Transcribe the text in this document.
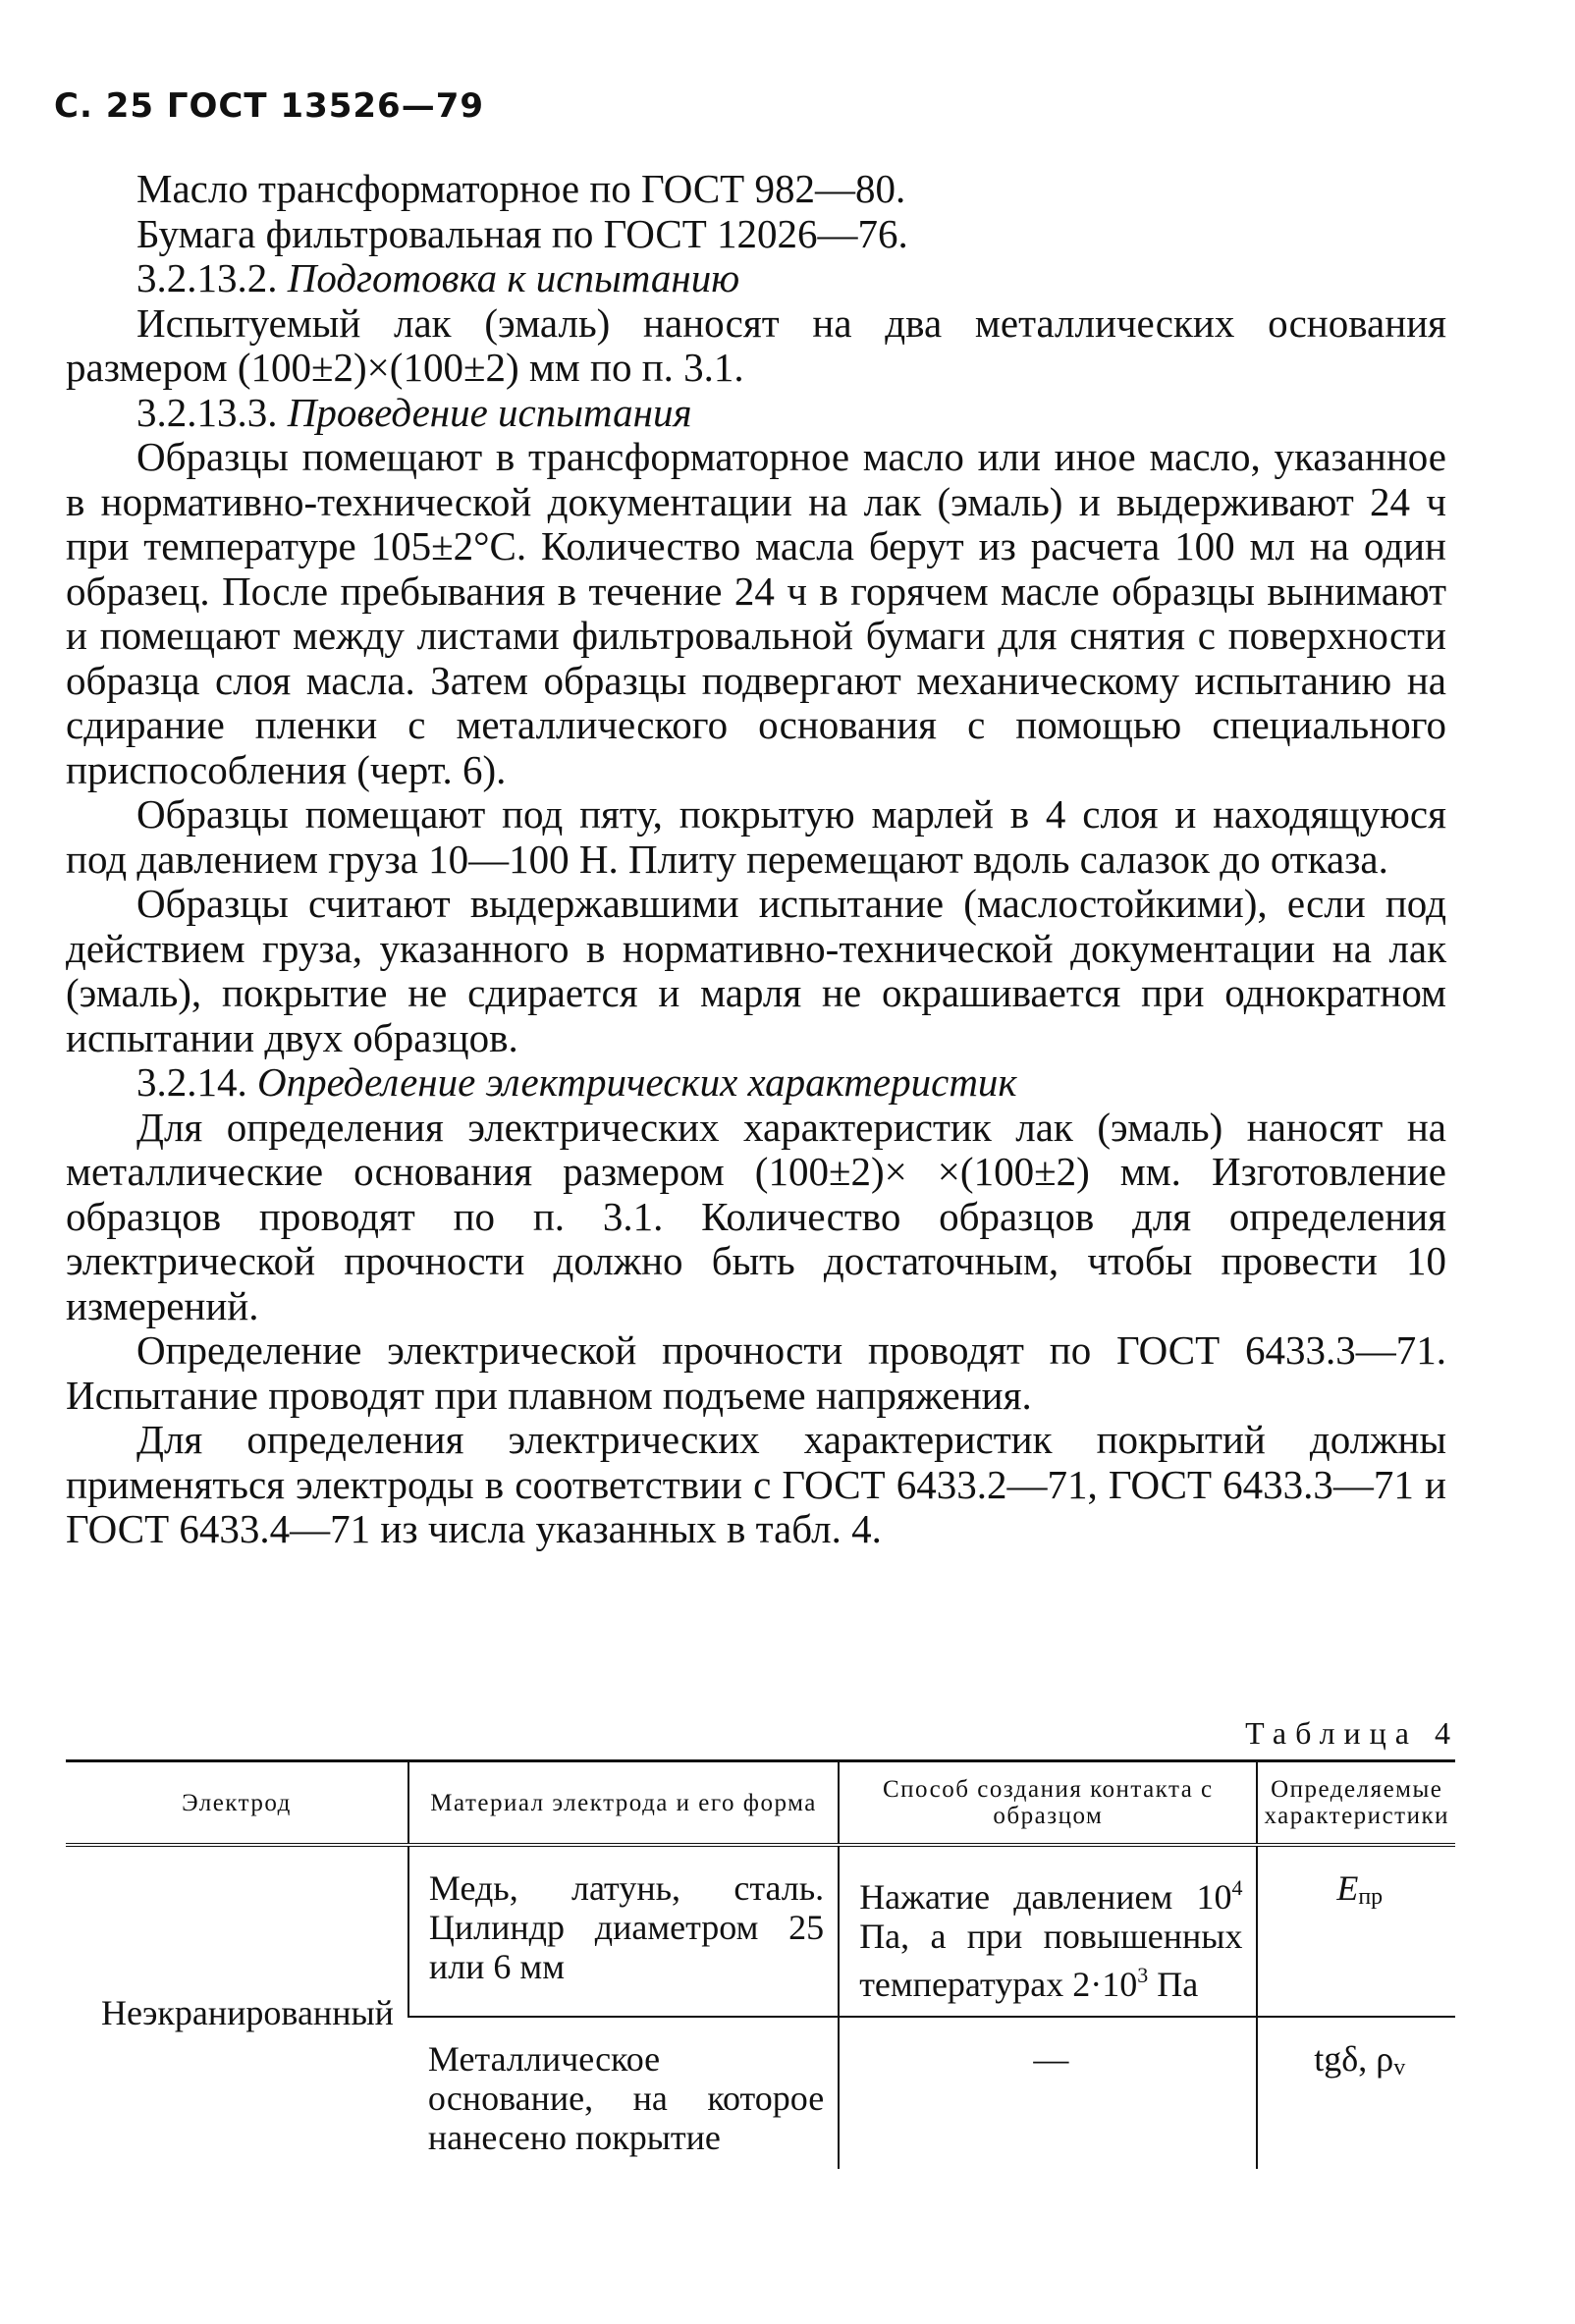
С. 25 ГОСТ 13526—79

Масло трансформаторное по ГОСТ 982—80.

Бумага фильтровальная по ГОСТ 12026—76.

3.2.13.2. Подготовка к испытанию

Испытуемый лак (эмаль) наносят на два металлических основания размером (100±2)×(100±2) мм по п. 3.1.

3.2.13.3. Проведение испытания

Образцы помещают в трансформаторное масло или иное масло, указанное в нормативно-технической документации на лак (эмаль) и выдерживают 24 ч при температуре 105±2°С. Количество масла берут из расчета 100 мл на один образец. После пребывания в течение 24 ч в горячем масле образцы вынимают и помещают между листами фильтровальной бумаги для снятия с поверхности образца слоя масла. Затем образцы подвергают механическому испытанию на сдирание пленки с металлического основания с помощью специального приспособления (черт. 6).

Образцы помещают под пяту, покрытую марлей в 4 слоя и находящуюся под давлением груза 10—100 Н. Плиту перемещают вдоль салазок до отказа.

Образцы считают выдержавшими испытание (маслостойкими), если под действием груза, указанного в нормативно-технической документации на лак (эмаль), покрытие не сдирается и марля не окрашивается при однократном испытании двух образцов.

3.2.14. Определение электрических характеристик

Для определения электрических характеристик лак (эмаль) наносят на металлические основания размером (100±2)× ×(100±2) мм. Изготовление образцов проводят по п. 3.1. Количество образцов для определения электрической прочности должно быть достаточным, чтобы провести 10 измерений.

Определение электрической прочности проводят по ГОСТ 6433.3—71. Испытание проводят при плавном подъеме напряжения.

Для определения электрических характеристик покрытий должны применяться электроды в соответствии с ГОСТ 6433.2—71, ГОСТ 6433.3—71 и ГОСТ 6433.4—71 из числа указанных в табл. 4.

Таблица 4
Электрод	Материал электрода и его форма	Способ создания контакта с образцом	Определяемые характеристики
Неэкранированный	Медь, латунь, сталь. Цилиндр диаметром 25 или 6 мм	Нажатие давлением $10^4$ Па, а при повышенных температурах $2\cdot 10^3$ Па	Eпр
	Металлическое основание, на которое нанесено покрытие	—	tgδ, ρv
